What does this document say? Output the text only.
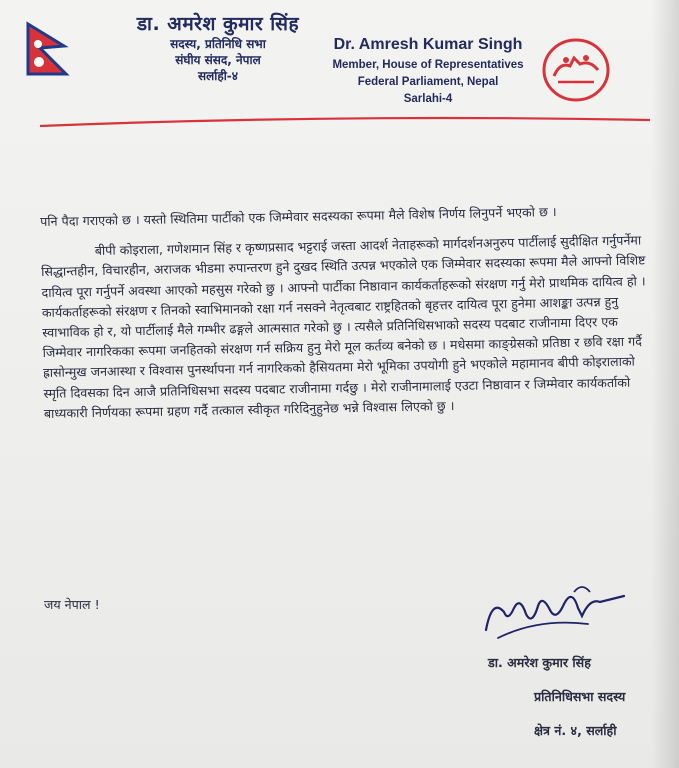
डा. अमरेश कुमार सिंह
सदस्य, प्रतिनिधि सभा
संघीय संसद, नेपाल
सर्लाही-४
Dr. Amresh Kumar Singh
Member, House of Representatives
Federal Parliament, Nepal
Sarlahi-4

पनि पैदा गराएको छ । यस्तो स्थितिमा पार्टीको एक जिम्मेवार सदस्यका रूपमा मैले विशेष निर्णय लिनुपर्ने भएको छ ।

बीपी कोइराला, गणेशमान सिंह र कृष्णप्रसाद भट्टराई जस्ता आदर्श नेताहरूको मार्गदर्शनअनुरुप पार्टीलाई सुदीक्षित गर्नुपर्नेमा सिद्धान्तहीन, विचारहीन, अराजक भीडमा रुपान्तरण हुने दुखद स्थिति उत्पन्न भएकोले एक जिम्मेवार सदस्यका रूपमा मैले आफ्नो विशिष्ट दायित्व पूरा गर्नुपर्ने अवस्था आएको महसुस गरेको छु । आफ्नो पार्टीका निष्ठावान कार्यकर्ताहरूको संरक्षण गर्नु मेरो प्राथमिक दायित्व हो । कार्यकर्ताहरूको संरक्षण र तिनको स्वाभिमानको रक्षा गर्न नसक्ने नेतृत्वबाट राष्ट्रहितको बृहत्तर दायित्व पूरा हुनेमा आशङ्का उत्पन्न हुनु स्वाभाविक हो र, यो पार्टीलाई मैले गम्भीर ढङ्गले आत्मसात गरेको छु । त्यसैले प्रतिनिधिसभाको सदस्य पदबाट राजीनामा दिएर एक जिम्मेवार नागरिकका रूपमा जनहितको संरक्षण गर्न सक्रिय हुनु मेरो मूल कर्तव्य बनेको छ । मधेसमा काङ्ग्रेसको प्रतिष्ठा र छवि रक्षा गर्दै ह्रासोन्मुख जनआस्था र विश्वास पुनर्स्थापना गर्न नागरिकको हैसियतमा मेरो भूमिका उपयोगी हुने भएकोले महामानव बीपी कोइरालाको स्मृति दिवसका दिन आजै प्रतिनिधिसभा सदस्य पदबाट राजीनामा गर्दछु । मेरो राजीनामालाई एउटा निष्ठावान र जिम्मेवार कार्यकर्ताको बाध्यकारी निर्णयका रूपमा ग्रहण गर्दै तत्काल स्वीकृत गरिदिनुहुनेछ भन्ने विश्वास लिएको छु ।

जय नेपाल !
डा. अमरेश कुमार सिंह
प्रतिनिधिसभा सदस्य
क्षेत्र नं. ४, सर्लाही
